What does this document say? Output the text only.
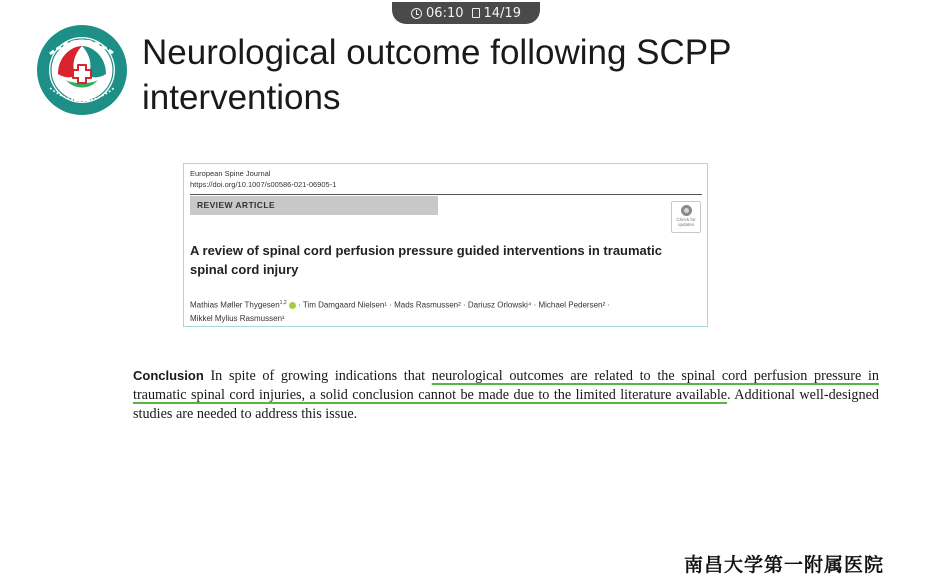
06:10 14/19
Neurological outcome following SCPP interventions
European Spine Journal
https://doi.org/10.1007/s00586-021-06905-1
REVIEW ARTICLE
Check for updates
A review of spinal cord perfusion pressure guided interventions in traumatic spinal cord injury
Mathias Møller Thygesen$^{1,2}$  · Tim Damgaard Nielsen¹ · Mads Rasmussen² · Dariusz Orlowski⁴ · Michael Pedersen² ·
Mikkel Mylius Rasmussen¹
Conclusion In spite of growing indications that neurological outcomes are related to the spinal cord perfusion pressure in traumatic spinal cord injuries, a solid conclusion cannot be made due to the limited literature available. Additional well-designed studies are needed to address this issue.
南昌大学第一附属医院
